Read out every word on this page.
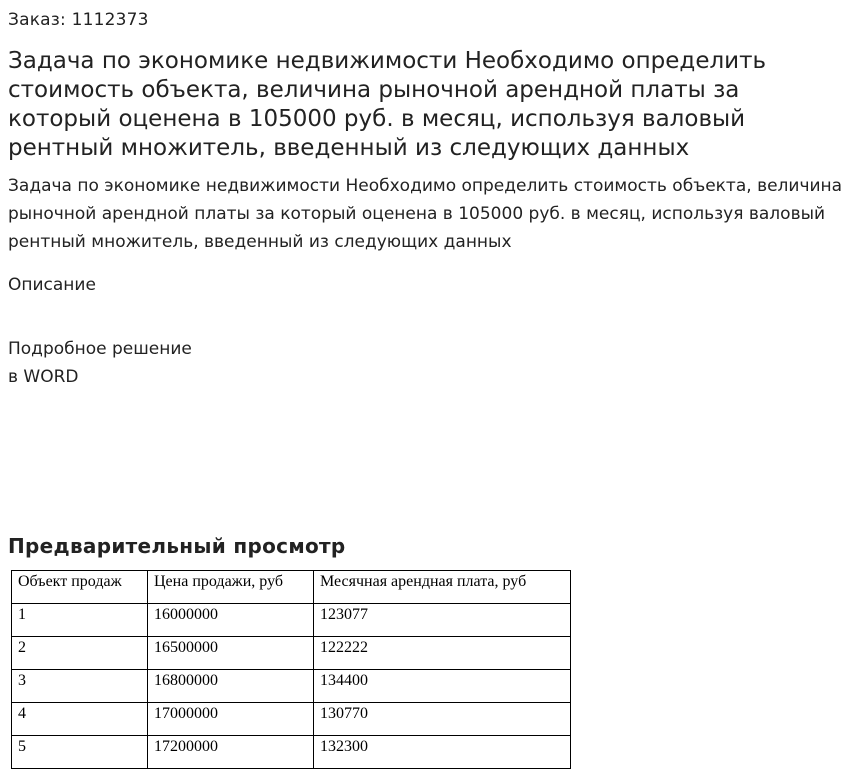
Заказ: 1112373
Задача по экономике недвижимости Необходимо определить стоимость объекта, величина рыночной арендной платы за который оценена в 105000 руб. в месяц, используя валовый рентный множитель, введенный из следующих данных

Задача по экономике недвижимости Необходимо определить стоимость объекта, величина рыночной арендной платы за который оценена в 105000 руб. в месяц, используя валовый рентный множитель, введенный из следующих данных

Описание
Подробное решение
в WORD
Предварительный просмотр
Объект продаж	Цена продажи, руб	Месячная арендная плата, руб
1	16000000	123077
2	16500000	122222
3	16800000	134400
4	17000000	130770
5	17200000	132300
